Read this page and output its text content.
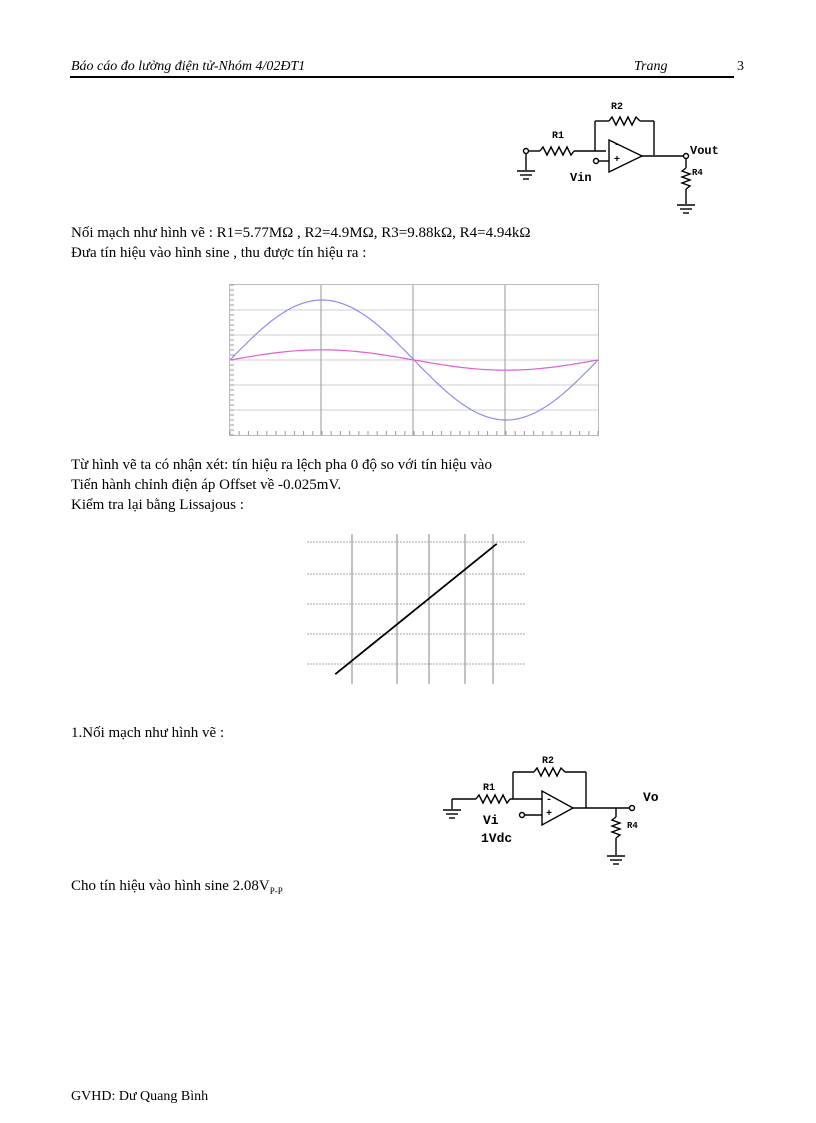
Báo cáo đo lường điện tử-Nhóm 4/02ĐT1	Trang	3
R2
R1
-
+
Vin
Vout
R4
Nối mạch như hình vẽ : R1=5.77MΩ , R2=4.9MΩ, R3=9.88kΩ, R4=4.94kΩ
Đưa tín hiệu vào hình sine , thu được tín hiệu ra :
Từ hình vẽ ta có nhận xét: tín hiệu ra lệch pha 0 độ so với tín hiệu vào
Tiến hành chỉnh điện áp Offset về -0.025mV.
Kiểm tra lại bằng Lissajous :
1.Nối mạch như hình vẽ :
R2
R1
-
+
Vi
1Vdc
Vo
R4
Cho tín hiệu vào hình sine $2.08V_{P-P}$
GVHD: Dư Quang Bình
